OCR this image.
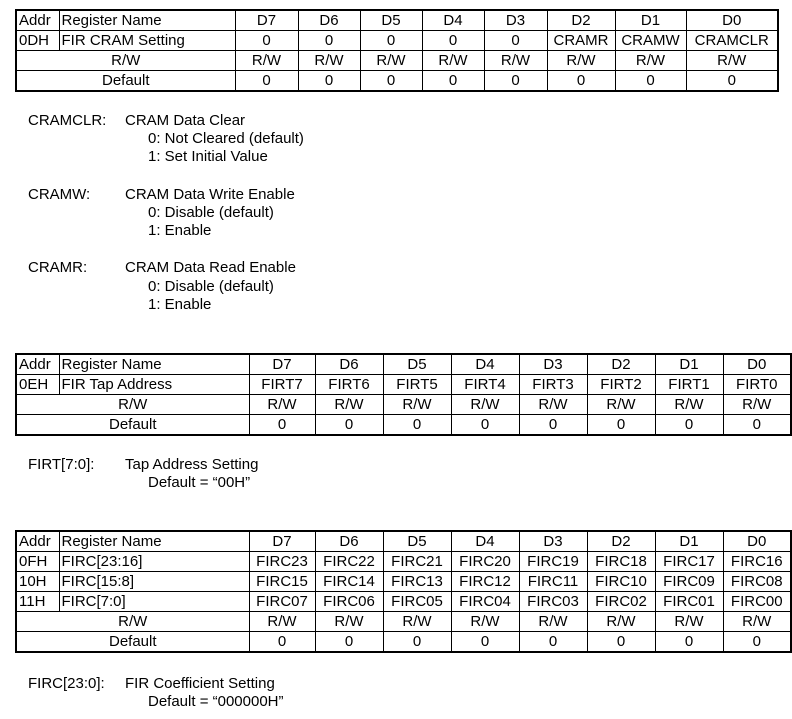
Addr	Register Name	D7	D6	D5	D4	D3	D2	D1	D0
0DH	FIR CRAM Setting	0	0	0	0	0	CRAMR	CRAMW	CRAMCLR
R/W		R/W	R/W	R/W	R/W	R/W	R/W	R/W	R/W
Default		0	0	0	0	0	0	0	0
CRAMCLR: CRAM Data Clear
0: Not Cleared (default)
1: Set Initial Value
CRAMW: CRAM Data Write Enable
0: Disable (default)
1: Enable
CRAMR:	CRAM Data Read Enable
0: Disable (default)
1: Enable
Addr	Register Name	D7	D6	D5	D4	D3	D2	D1	D0
0EH	FIR Tap Address	FIRT7	FIRT6	FIRT5	FIRT4	FIRT3	FIRT2	FIRT1	FIRT0
R/W		R/W	R/W	R/W	R/W	R/W	R/W	R/W	R/W
Default		0	0	0	0	0	0	0	0
FIRT[7:0]: Tap Address Setting
Default = “00H”
Addr	Register Name	D7	D6	D5	D4	D3	D2	D1	D0
0FH	FIRC[23:16]	FIRC23	FIRC22	FIRC21	FIRC20	FIRC19	FIRC18	FIRC17	FIRC16
10H	FIRC[15:8]	FIRC15	FIRC14	FIRC13	FIRC12	FIRC11	FIRC10	FIRC09	FIRC08
11H	FIRC[7:0]	FIRC07	FIRC06	FIRC05	FIRC04	FIRC03	FIRC02	FIRC01	FIRC00
R/W		R/W	R/W	R/W	R/W	R/W	R/W	R/W	R/W
Default		0	0	0	0	0	0	0	0
FIRC[23:0]: FIR Coefficient Setting
Default = “000000H”
